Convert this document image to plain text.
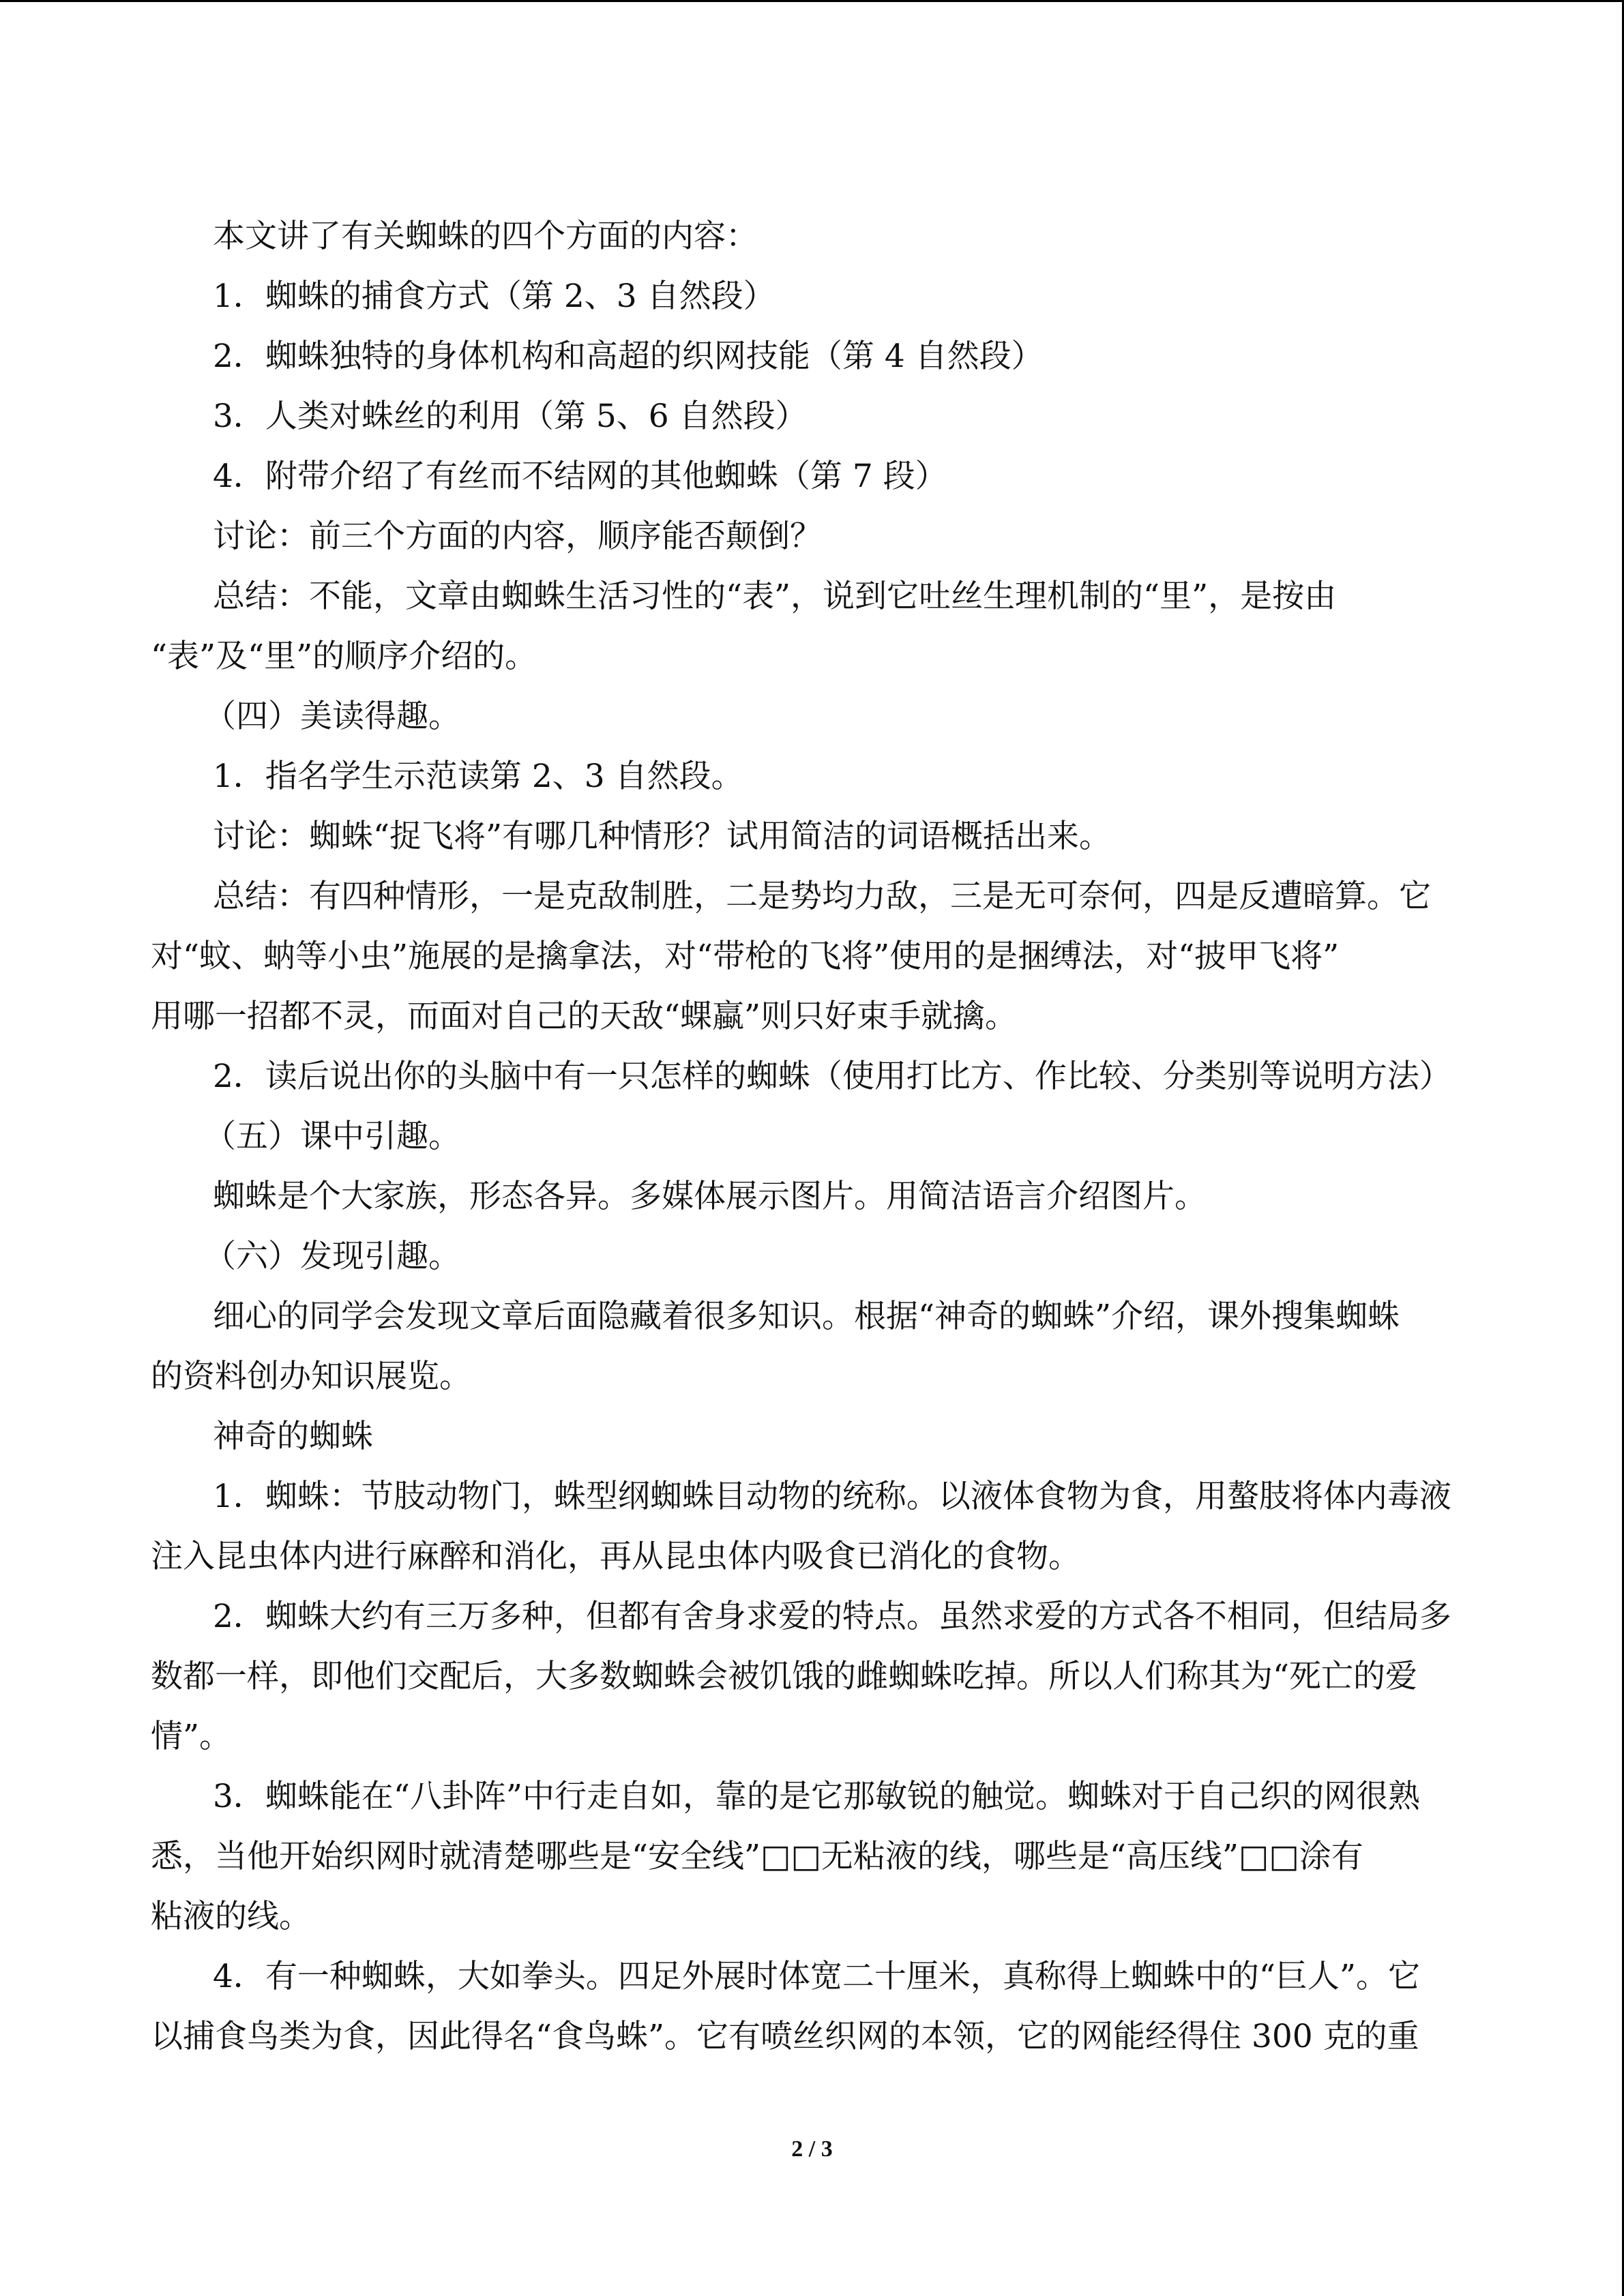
本文讲了有关蜘蛛的四个方面的内容：

1．蜘蛛的捕食方式（第 2、3 自然段）

2．蜘蛛独特的身体机构和高超的织网技能（第 4 自然段）

3．人类对蛛丝的利用（第 5、6 自然段）

4．附带介绍了有丝而不结网的其他蜘蛛（第 7 段）

讨论：前三个方面的内容，顺序能否颠倒？

总结：不能，文章由蜘蛛生活习性的“表”，说到它吐丝生理机制的“里”，是按由

“表”及“里”的顺序介绍的。

（四）美读得趣。

1．指名学生示范读第 2、3 自然段。

讨论：蜘蛛“捉飞将”有哪几种情形？试用简洁的词语概括出来。

总结：有四种情形，一是克敌制胜，二是势均力敌，三是无可奈何，四是反遭暗算。它

对“蚊、蚋等小虫”施展的是擒拿法，对“带枪的飞将”使用的是捆缚法，对“披甲飞将”

用哪一招都不灵，而面对自己的天敌“蜾蠃”则只好束手就擒。

2．读后说出你的头脑中有一只怎样的蜘蛛（使用打比方、作比较、分类别等说明方法）

（五）课中引趣。

蜘蛛是个大家族，形态各异。多媒体展示图片。用简洁语言介绍图片。

（六）发现引趣。

细心的同学会发现文章后面隐藏着很多知识。根据“神奇的蜘蛛”介绍，课外搜集蜘蛛

的资料创办知识展览。

神奇的蜘蛛

1．蜘蛛：节肢动物门，蛛型纲蜘蛛目动物的统称。以液体食物为食，用螯肢将体内毒液

注入昆虫体内进行麻醉和消化，再从昆虫体内吸食已消化的食物。

2．蜘蛛大约有三万多种，但都有舍身求爱的特点。虽然求爱的方式各不相同，但结局多

数都一样，即他们交配后，大多数蜘蛛会被饥饿的雌蜘蛛吃掉。所以人们称其为“死亡的爱

情”。

3．蜘蛛能在“八卦阵”中行走自如，靠的是它那敏锐的触觉。蜘蛛对于自己织的网很熟

悉，当他开始织网时就清楚哪些是“安全线”□□无粘液的线，哪些是“高压线”□□涂有

粘液的线。

4．有一种蜘蛛，大如拳头。四足外展时体宽二十厘米，真称得上蜘蛛中的“巨人”。它

以捕食鸟类为食，因此得名“食鸟蛛”。它有喷丝织网的本领，它的网能经得住 300 克的重

2 / 3
